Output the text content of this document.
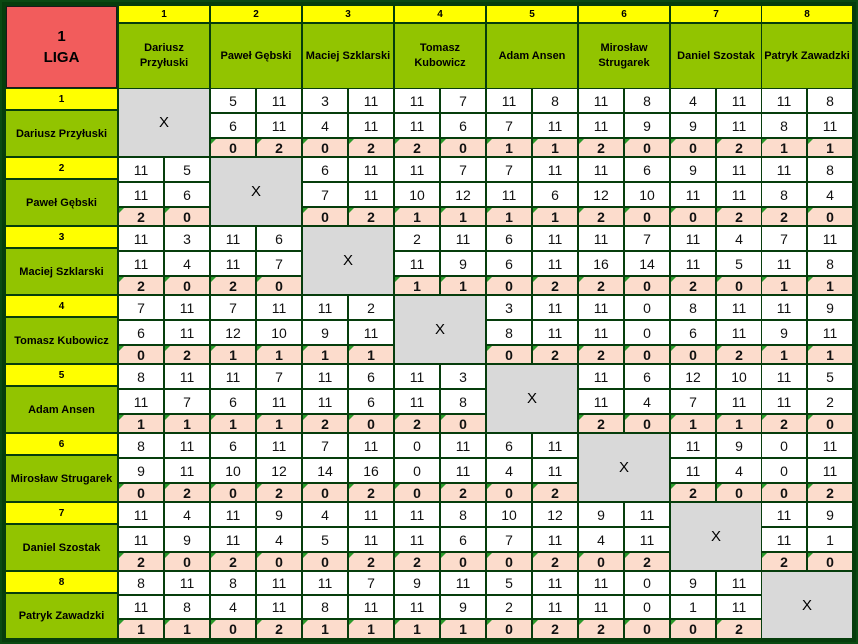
1
LIGA
1
Dariusz
Przyłuski
2
Paweł Gębski
3
Maciej Szklarski
4
Tomasz
Kubowicz
5
Adam Ansen
6
Mirosław
Strugarek
7
Daniel Szostak
8
Patryk Zawadzki
1
Dariusz Przyłuski
X
5
6
0
11
11
2
3
4
0
11
11
2
11
11
2
7
6
0
11
7
1
8
11
1
11
11
2
8
9
0
4
9
0
11
11
2
11
8
1
8
11
1
2
Paweł Gębski
11
11
2
5
6
0
X
6
7
0
11
11
2
11
10
1
7
12
1
7
11
1
11
6
1
11
12
2
6
10
0
9
11
0
11
11
2
11
8
2
8
4
0
3
Maciej Szklarski
11
11
2
3
4
0
11
11
2
6
7
0
X
2
11
1
11
9
1
6
6
0
11
11
2
11
16
2
7
14
0
11
11
2
4
5
0
7
11
1
11
8
1
4
Tomasz Kubowicz
7
6
0
11
11
2
7
12
1
11
10
1
11
9
1
2
11
1
X
3
8
0
11
11
2
11
11
2
0
0
0
8
6
0
11
11
2
11
9
1
9
11
1
5
Adam Ansen
8
11
1
11
7
1
11
6
1
7
11
1
11
11
2
6
6
0
11
11
2
3
8
0
X
11
11
2
6
4
0
12
7
1
10
11
1
11
11
2
5
2
0
6
Mirosław Strugarek
8
9
0
11
11
2
6
10
0
11
12
2
7
14
0
11
16
2
0
0
0
11
11
2
6
4
0
11
11
2
X
11
11
2
9
4
0
0
0
0
11
11
2
7
Daniel Szostak
11
11
2
4
9
0
11
11
2
9
4
0
4
5
0
11
11
2
11
11
2
8
6
0
10
7
0
12
11
2
9
4
0
11
11
2
X
11
11
2
9
1
0
8
Patryk Zawadzki
8
11
1
11
8
1
8
4
0
11
11
2
11
8
1
7
11
1
9
11
1
11
9
1
5
2
0
11
11
2
11
11
2
0
0
0
9
1
0
11
11
2
X
